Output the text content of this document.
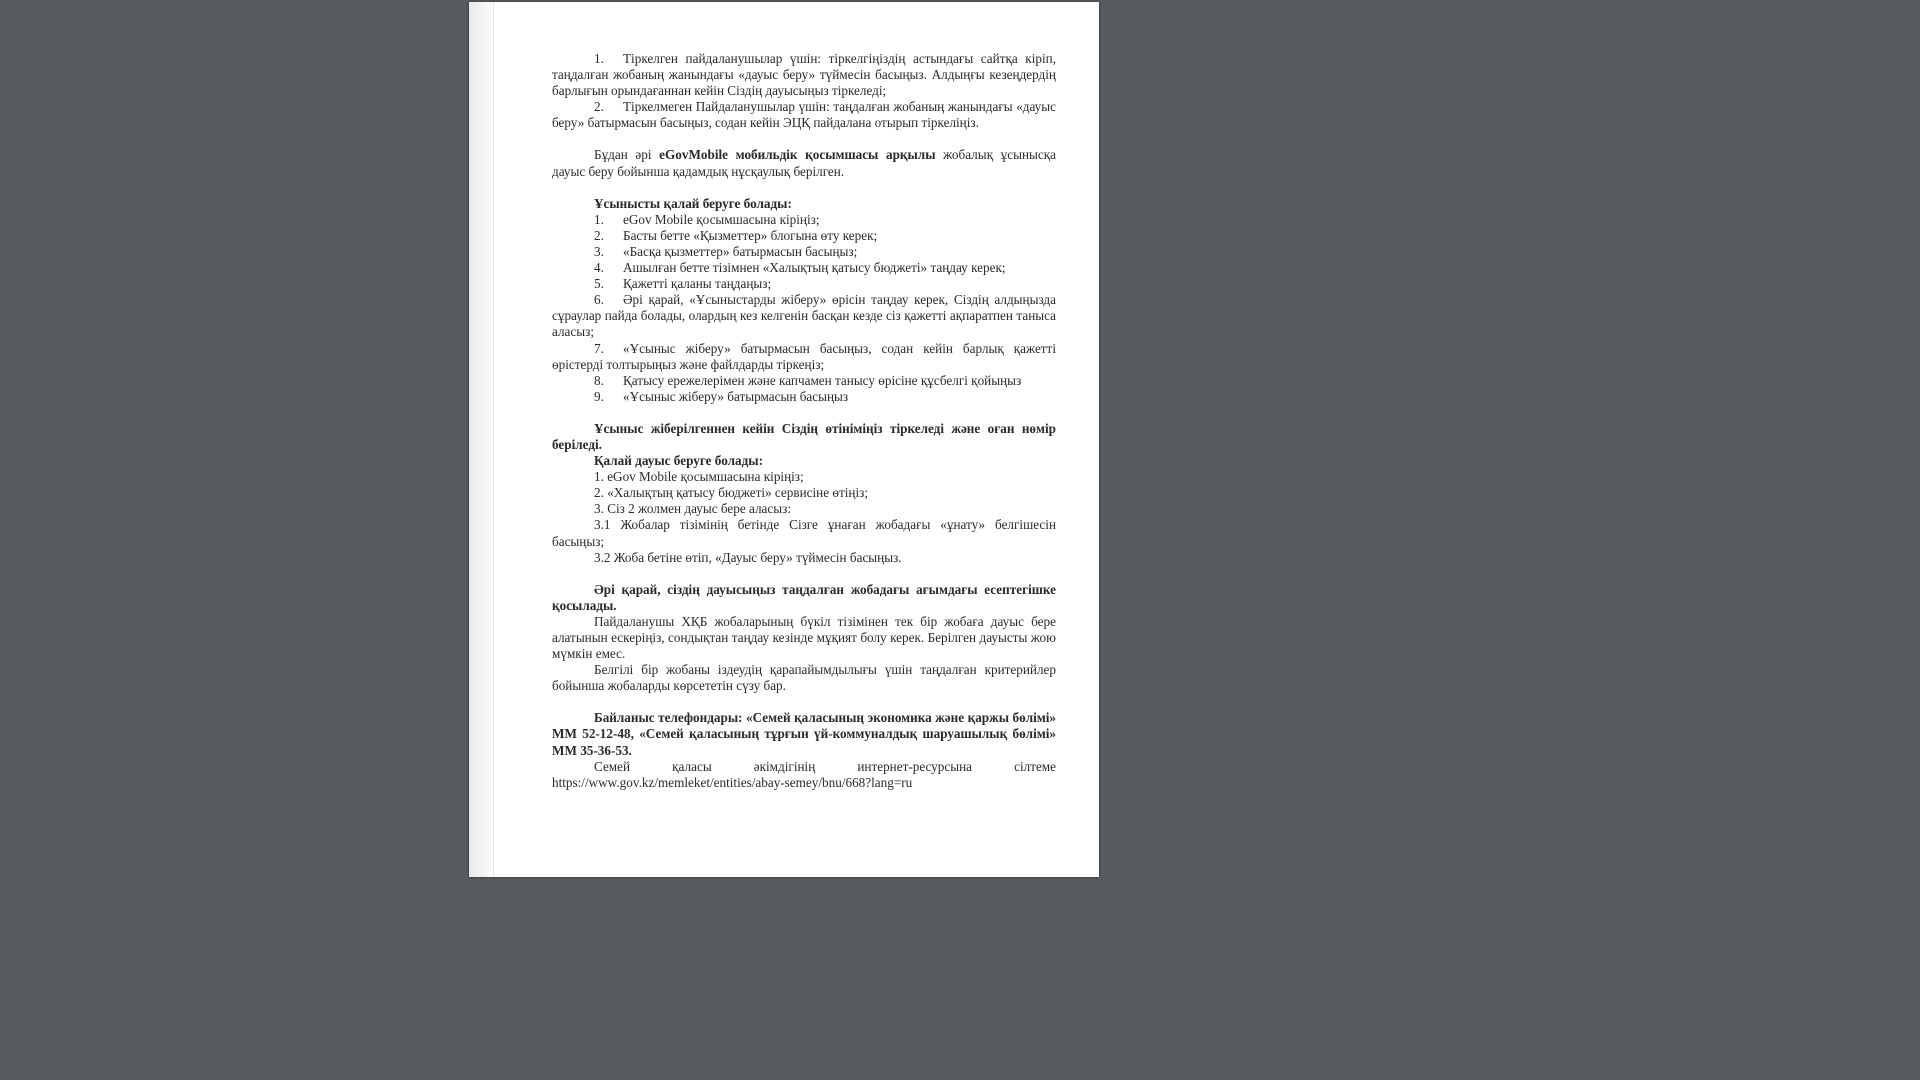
1. Тіркелген пайдаланушылар үшін: тіркелгіңіздің астындағы сайтқа кіріп, таңдалған жобаның жанындағы «дауыс беру» түймесін басыңыз. Алдыңғы кезеңдердің барлығын орындағаннан кейін Сіздің дауысыңыз тіркеледі;

2. Тіркелмеген Пайдаланушылар үшін: таңдалған жобаның жанындағы «дауыс беру» батырмасын басыңыз, содан кейін ЭЦҚ пайдалана отырып тіркеліңіз.

Бұдан әрі eGovMobile мобильдік қосымшасы арқылы жобалық ұсынысқа дауыс беру бойынша қадамдық нұсқаулық берілген.

Ұсынысты қалай беруге болады:

1. eGov Mobile қосымшасына кіріңіз;

2. Басты бетте «Қызметтер» блогына өту керек;

3. «Басқа қызметтер» батырмасын басыңыз;

4. Ашылған бетте тізімнен «Халықтың қатысу бюджеті» таңдау керек;

5. Қажетті қаланы таңдаңыз;

6. Әрі қарай, «Ұсыныстарды жіберу» өрісін таңдау керек, Сіздің алдыңызда сұраулар пайда болады, олардың кез келгенін басқан кезде сіз қажетті ақпаратпен таныса аласыз;

7. «Ұсыныс жіберу» батырмасын басыңыз, содан кейін барлық қажетті өрістерді толтырыңыз және файлдарды тіркеңіз;

8. Қатысу ережелерімен және капчамен танысу өрісіне құсбелгі қойыңыз

9. «Ұсыныс жіберу» батырмасын басыңыз

Ұсыныс жіберілгеннен кейін Сіздің өтініміңіз тіркеледі және оған нөмір беріледі.

Қалай дауыс беруге болады:

1. eGov Mobile қосымшасына кіріңіз;

2. «Халықтың қатысу бюджеті» сервисіне өтіңіз;

3. Сіз 2 жолмен дауыс бере аласыз:

3.1 Жобалар тізімінің бетінде Сізге ұнаған жобадағы «ұнату» белгішесін басыңыз;

3.2 Жоба бетіне өтіп, «Дауыс беру» түймесін басыңыз.

Әрі қарай, сіздің дауысыңыз таңдалған жобадағы ағымдағы есептегішке қосылады.

Пайдаланушы ХҚБ жобаларының бүкіл тізімінен тек бір жобаға дауыс бере алатынын ескеріңіз, сондықтан таңдау кезінде мұқият болу керек. Берілген дауысты жою мүмкін емес.

Белгілі бір жобаны іздеудің қарапайымдылығы үшін таңдалған критерийлер бойынша жобаларды көрсететін сүзу бар.

Байланыс телефондары: «Семей қаласының экономика және қаржы бөлімі» ММ 52-12-48, «Семей қаласының тұрғын үй-коммуналдық шаруашылық бөлімі» ММ 35-36-53.

Семей қаласы әкімдігінің интернет-ресурсына сілтеме

https://www.gov.kz/memleket/entities/abay-semey/bnu/668?lang=ru
